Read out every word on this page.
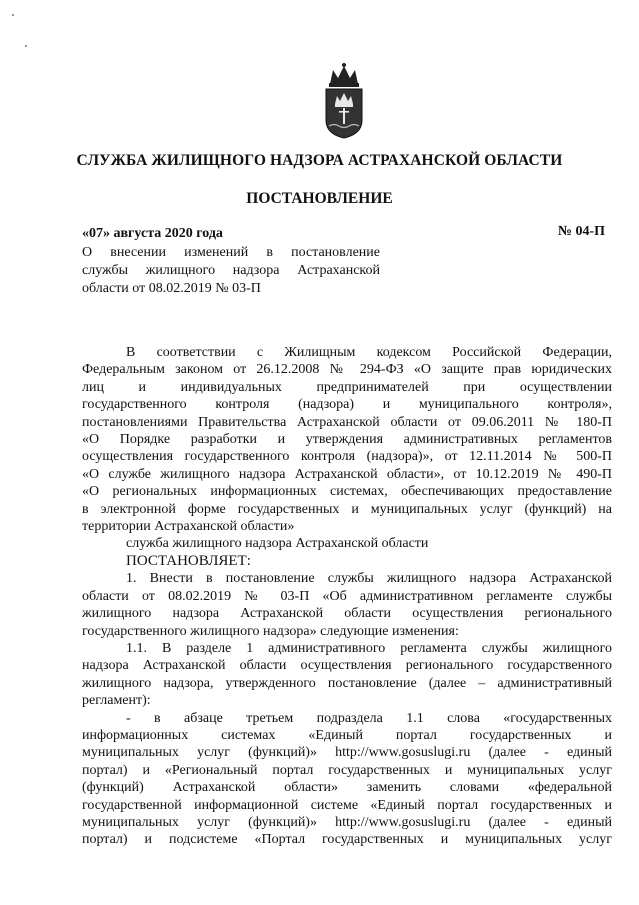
СЛУЖБА ЖИЛИЩНОГО НАДЗОРА АСТРАХАНСКОЙ ОБЛАСТИ
ПОСТАНОВЛЕНИЕ
«07» августа 2020 года	№ 04-П
О внесении изменений в постановление
службы жилищного надзора Астраханской
области от 08.02.2019 № 03-П
В соответствии с Жилищным кодексом Российской Федерации,
Федеральным законом от 26.12.2008 № 294-ФЗ «О защите прав юридических
лиц и индивидуальных предпринимателей при осуществлении
государственного контроля (надзора) и муниципального контроля»,
постановлениями Правительства Астраханской области от 09.06.2011 № 180-П
«О Порядке разработки и утверждения административных регламентов
осуществления государственного контроля (надзора)», от 12.11.2014 № 500-П
«О службе жилищного надзора Астраханской области», от 10.12.2019 № 490-П
«О региональных информационных системах, обеспечивающих предоставление
в электронной форме государственных и муниципальных услуг (функций) на
территории Астраханской области»

служба жилищного надзора Астраханской области

ПОСТАНОВЛЯЕТ:

1. Внести в постановление службы жилищного надзора Астраханской
области от 08.02.2019 № 03-П «Об административном регламенте службы
жилищного надзора Астраханской области осуществления регионального
государственного жилищного надзора» следующие изменения:
1.1. В разделе 1 административного регламента службы жилищного
надзора Астраханской области осуществления регионального государственного
жилищного надзора, утвержденного постановление (далее – административный
регламент):
- в абзаце третьем подраздела 1.1 слова «государственных
информационных системах «Единый портал государственных и
муниципальных услуг (функций)» http://www.gosuslugi.ru (далее - единый
портал) и «Региональный портал государственных и муниципальных услуг
(функций) Астраханской области» заменить словами «федеральной
государственной информационной системе «Единый портал государственных и
муниципальных услуг (функций)» http://www.gosuslugi.ru (далее - единый
портал) и подсистеме «Портал государственных и муниципальных услуг
